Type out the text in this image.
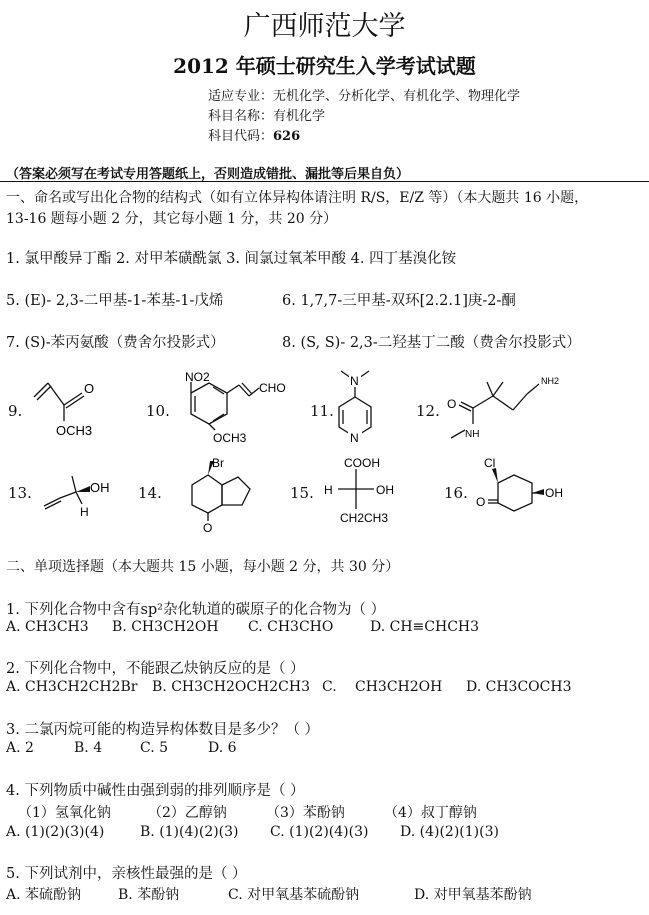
广西师范大学
2012 年硕士研究生入学考试试题
适应专业：无机化学、分析化学、有机化学、物理化学
科目名称：有机化学
科目代码：626
（答案必须写在考试专用答题纸上，否则造成错批、漏批等后果自负）
一、命名或写出化合物的结构式（如有立体异构体请注明 R/S，E/Z 等）（本大题共 16 小题，
13-16 题每小题 2 分，其它每小题 1 分，共 20 分）
1. 氯甲酸异丁酯 2. 对甲苯磺酰氯 3. 间氯过氧苯甲酸 4. 四丁基溴化铵
5. (E)- 2,3-二甲基-1-苯基-1-戊烯	6. 1,7,7-三甲基-双环[2.2.1]庚-2-酮
7. (S)-苯丙氨酸（费舍尔投影式）	8. (S, S)- 2,3-二羟基丁二酸（费舍尔投影式）
9.	10.	11.	12.
13.	14.	15.	16.
O
OCH3
NO2
CHO
OCH3
N
N
NH2
O
NH
OH
H
Br
O
COOH
H	OH
CH2CH3
Cl
O
OH
二、单项选择题（本大题共 15 小题，每小题 2 分，共 30 分）
1. 下列化合物中含有sp²杂化轨道的碳原子的化合物为（ ）
A. CH3CH3 B. CH3CH2OH C. CH3CHO	D. CH≡CHCH3
2. 下列化合物中，不能跟乙炔钠反应的是（ ）
A. CH3CH2CH2Br B. CH3CH2OCH2CH3 C. CH3CH2OH D. CH3COCH3
3. 二氯丙烷可能的构造异构体数目是多少？（ ）
A. 2	B. 4	C. 5	D. 6
4. 下列物质中碱性由强到弱的排列顺序是（ ）
（1）氢氧化钠	（2）乙醇钠	（3）苯酚钠	（4）叔丁醇钠
A. (1)(2)(3)(4)	B. (1)(4)(2)(3) C. (1)(2)(4)(3) D. (4)(2)(1)(3)
5. 下列试剂中，亲核性最强的是（ ）
A. 苯硫酚钠	B. 苯酚钠	C. 对甲氧基苯硫酚钠	D. 对甲氧基苯酚钠
